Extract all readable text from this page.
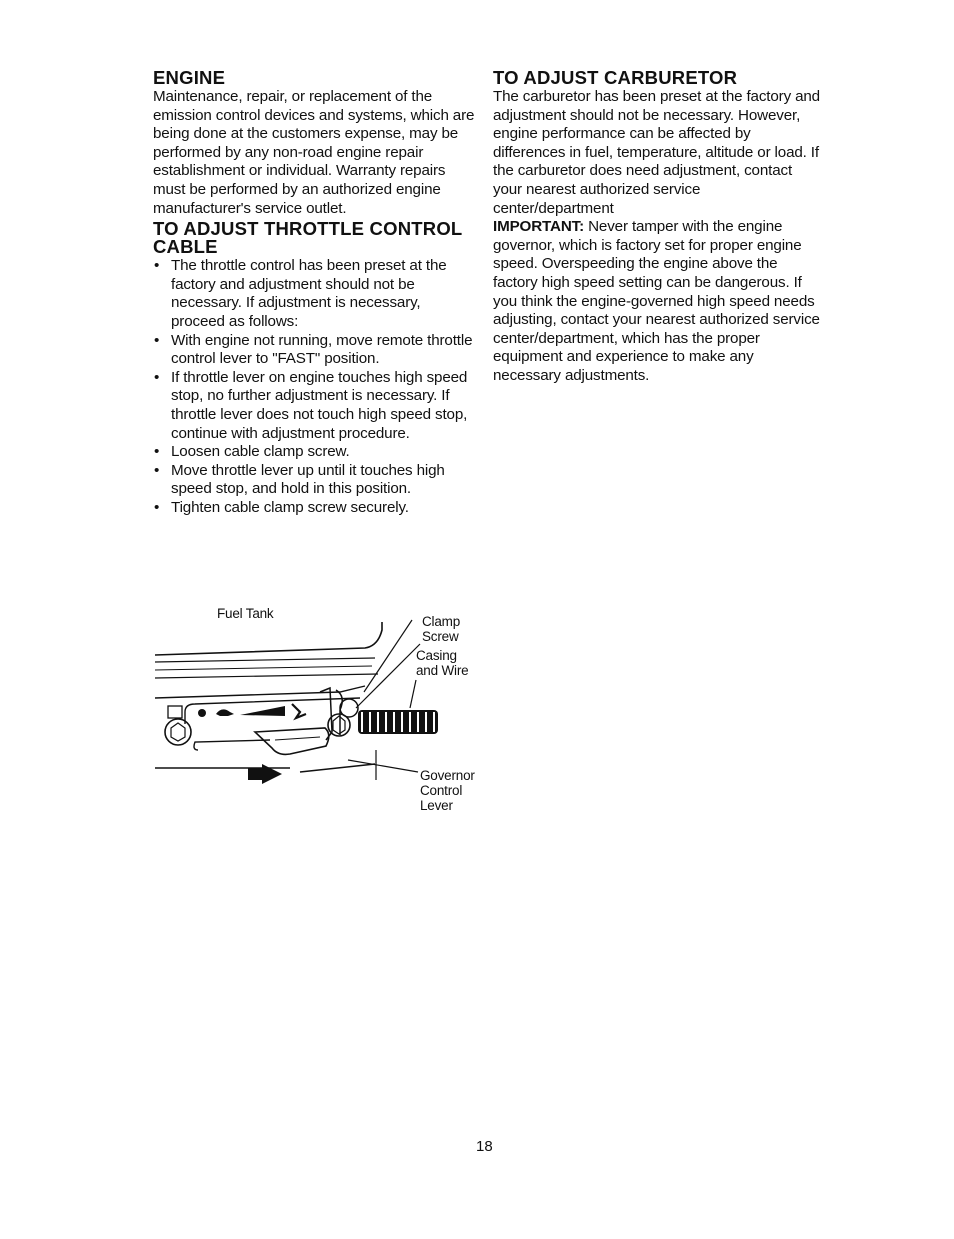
ENGINE

Maintenance, repair, or replacement of the emission control devices and systems, which are being done at the customers expense, may be performed by any non-road engine repair establishment or individual. Warranty repairs must be performed by an authorized engine manufacturer's service outlet.

TO ADJUST THROTTLE CONTROL CABLE
• The throttle control has been preset at the factory and adjustment should not be necessary. If adjustment is necessary, proceed as follows:
• With engine not running, move remote throttle control lever to "FAST" position.
• If throttle lever on engine touches high speed stop, no further adjustment is necessary. If throttle lever does not touch high speed stop, continue with adjustment procedure.
• Loosen cable clamp screw.
• Move throttle lever up until it touches high speed stop, and hold in this position.
• Tighten cable clamp screw securely.
Fuel Tank
Clamp
Screw
Casing
and Wire
Governor
Control
Lever
TO ADJUST CARBURETOR

The carburetor has been preset at the factory and adjustment should not be necessary. However, engine performance can be affected by differences in fuel, temperature, altitude or load. If the carburetor does need adjustment, contact your nearest authorized service center/department

IMPORTANT: Never tamper with the engine governor, which is factory set for proper engine speed. Overspeeding the engine above the factory high speed setting can be dangerous. If you think the engine-governed high speed needs adjusting, contact your nearest authorized service center/department, which has the proper equipment and experience to make any necessary adjustments.

18
